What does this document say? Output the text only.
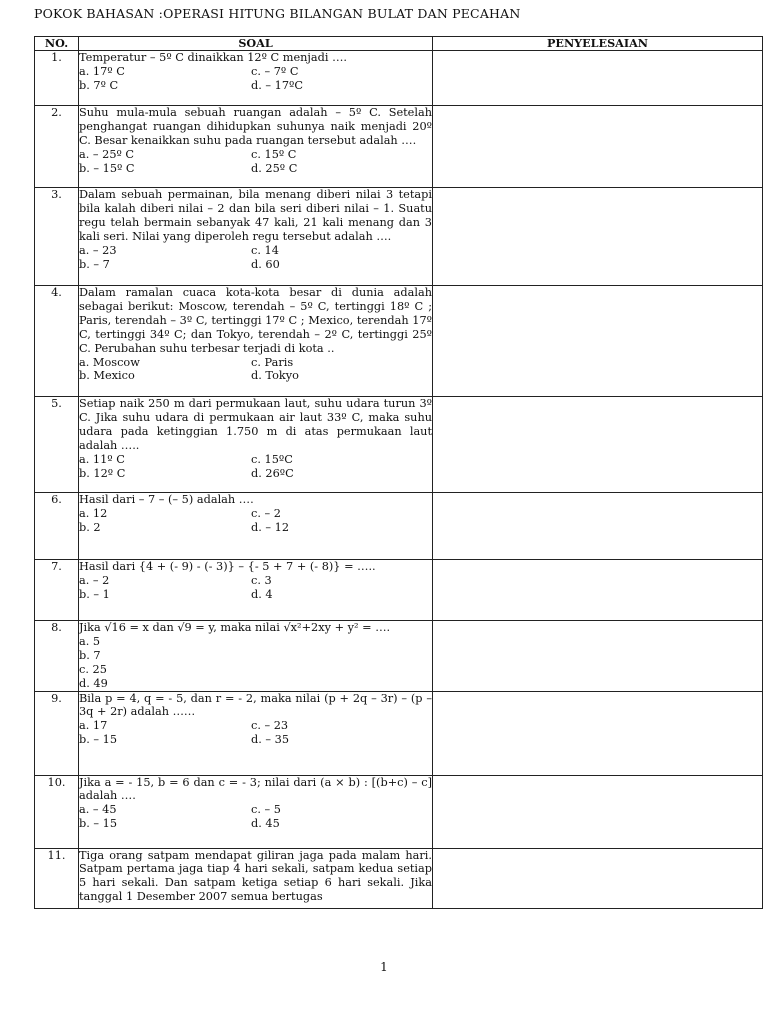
POKOK BAHASAN :OPERASI HITUNG BILANGAN BULAT DAN PECAHAN
NO.	SOAL	PENYELESAIAN
1.	Temperatur – 5º C dinaikkan 12º C menjadi ….
a. 17º C c. – 7º C
b. 7º C d. – 17ºC	

2.	Suhu mula-mula sebuah ruangan adalah – 5º C. Setelah penghangat ruangan dihidupkan suhunya naik menjadi 20º C. Besar kenaikkan suhu pada ruangan tersebut adalah ….
a. – 25º C c. 15º C
b. – 15º C d. 25º C	

3.	Dalam sebuah permainan, bila menang diberi nilai 3 tetapi bila kalah diberi nilai – 2 dan bila seri diberi nilai – 1. Suatu regu telah bermain sebanyak 47 kali, 21 kali menang dan 3 kali seri. Nilai yang diperoleh regu tersebut adalah ….
a. – 23 c. 14
b. – 7 d. 60	

4.	Dalam ramalan cuaca kota-kota besar di dunia adalah sebagai berikut: Moscow, terendah – 5º C, tertinggi 18º C ; Paris, terendah – 3º C, tertinggi 17º C ; Mexico, terendah 17º C, tertinggi 34º C; dan Tokyo, terendah – 2º C, tertinggi 25º C. Perubahan suhu terbesar terjadi di kota ..
a. Moscow c. Paris
b. Mexico d. Tokyo	

5.	Setiap naik 250 m dari permukaan laut, suhu udara turun 3º C. Jika suhu udara di permukaan air laut 33º C, maka suhu udara pada ketinggian 1.750 m di atas permukaan laut adalah …..
a. 11º C c. 15ºC
b. 12º C d. 26ºC	

6.	Hasil dari – 7 – (– 5) adalah ….
a. 12 c. – 2
b. 2 d. – 12	

7.	Hasil dari {4 + (- 9) - (- 3)} – {- 5 + 7 + (- 8)} = …..
a. – 2 c. 3
b. – 1 d. 4	

8.	Jika √16 = x dan √9 = y, maka nilai √x²+2xy + y² = ….
a. 5
b. 7
c. 25
d. 49	

9.	Bila p = 4, q = - 5, dan r = - 2, maka nilai (p + 2q – 3r) – (p – 3q + 2r) adalah ……
a. 17 c. – 23
b. – 15 d. – 35	

10.	Jika a = - 15, b = 6 dan c = - 3; nilai dari (a × b) : [(b+c) – c] adalah ….
a. – 45 c. – 5
b. – 15 d. 45	

11.	Tiga orang satpam mendapat giliran jaga pada malam hari. Satpam pertama jaga tiap 4 hari sekali, satpam kedua setiap 5 hari sekali. Dan satpam ketiga setiap 6 hari sekali. Jika tanggal 1 Desember 2007 semua bertugas	

1
